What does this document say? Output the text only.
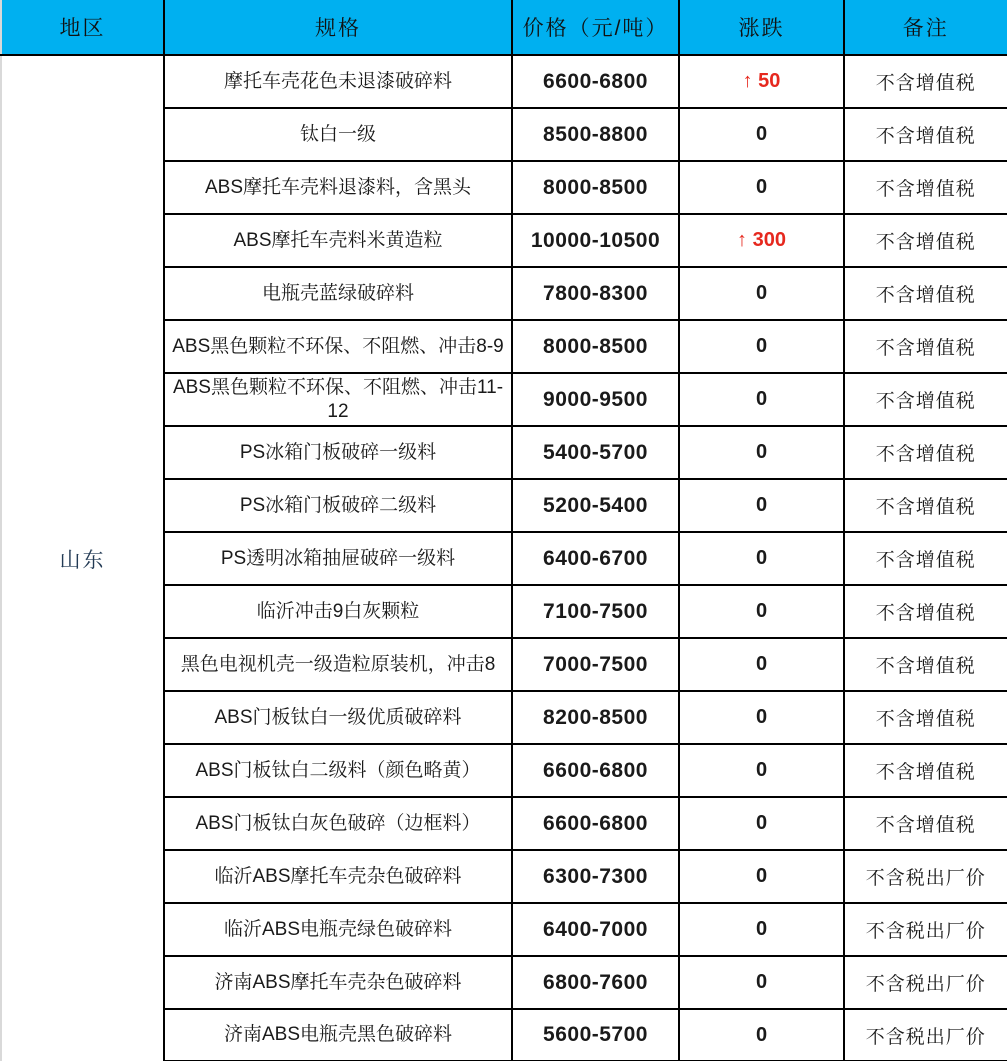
地区	规格	价格（元/吨）	涨跌	备注
山东	摩托车壳花色未退漆破碎料	6600-6800	↑ 50	不含增值税
	钛白一级	8500-8800	0	不含增值税
	ABS摩托车壳料退漆料，含黑头	8000-8500	0	不含增值税
	ABS摩托车壳料米黄造粒	10000-10500	↑ 300	不含增值税
	电瓶壳蓝绿破碎料	7800-8300	0	不含增值税
	ABS黑色颗粒不环保、不阻燃、冲击8-9	8000-8500	0	不含增值税
	ABS黑色颗粒不环保、不阻燃、冲击11-12	9000-9500	0	不含增值税
	PS冰箱门板破碎一级料	5400-5700	0	不含增值税
	PS冰箱门板破碎二级料	5200-5400	0	不含增值税
	PS透明冰箱抽屉破碎一级料	6400-6700	0	不含增值税
	临沂冲击9白灰颗粒	7100-7500	0	不含增值税
	黑色电视机壳一级造粒原装机，冲击8	7000-7500	0	不含增值税
	ABS门板钛白一级优质破碎料	8200-8500	0	不含增值税
	ABS门板钛白二级料（颜色略黄）	6600-6800	0	不含增值税
	ABS门板钛白灰色破碎（边框料）	6600-6800	0	不含增值税
	临沂ABS摩托车壳杂色破碎料	6300-7300	0	不含税出厂价
	临沂ABS电瓶壳绿色破碎料	6400-7000	0	不含税出厂价
	济南ABS摩托车壳杂色破碎料	6800-7600	0	不含税出厂价
	济南ABS电瓶壳黑色破碎料	5600-5700	0	不含税出厂价
